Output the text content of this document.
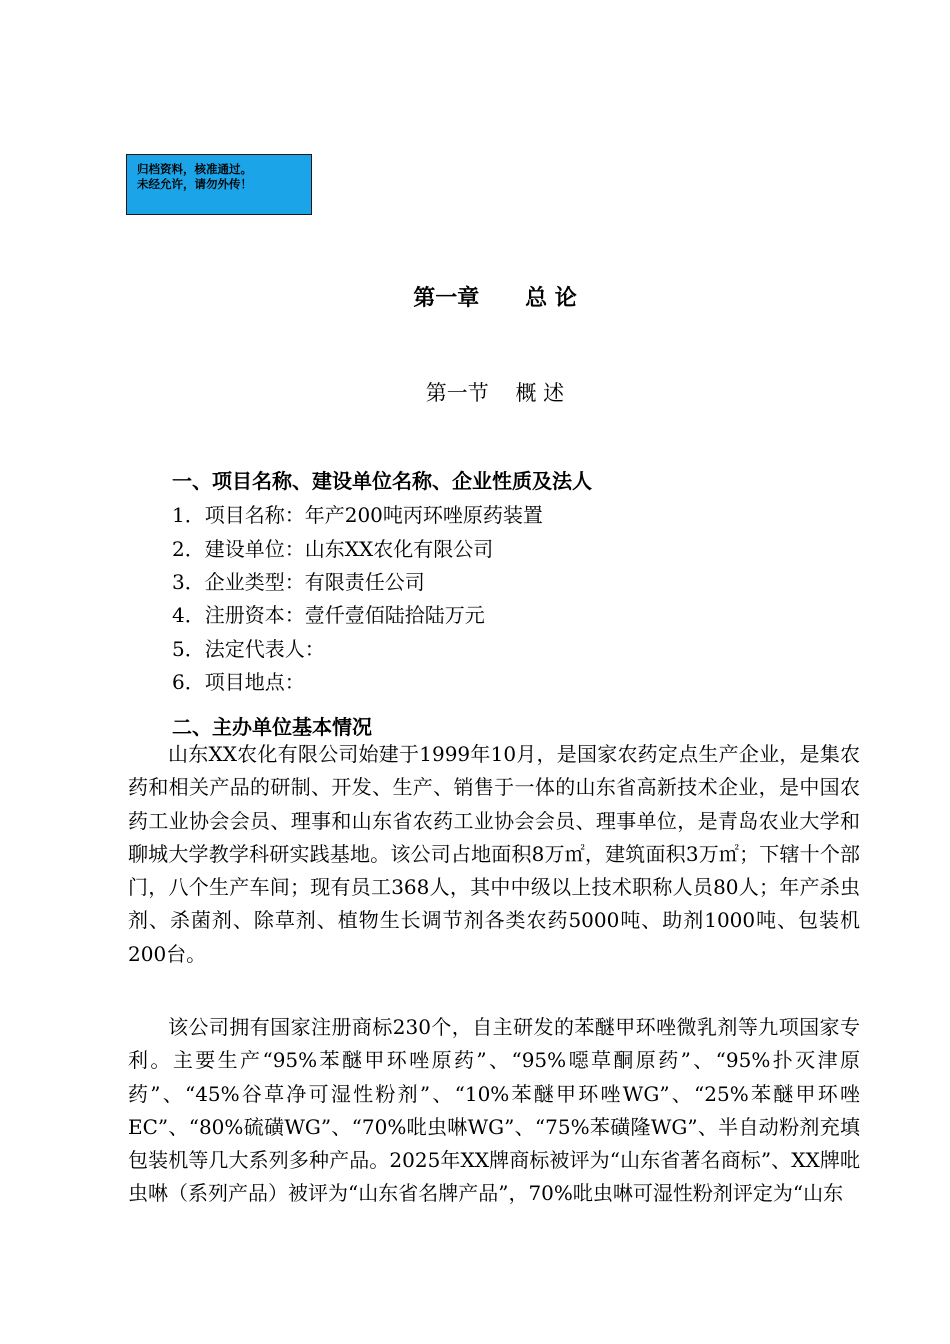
归档资料，核准通过。
未经允许，请勿外传！
第一章      总 论
第一节    概 述
一、项目名称、建设单位名称、企业性质及法人
1．项目名称：年产200吨丙环唑原药装置
2．建设单位：山东XX农化有限公司
3．企业类型：有限责任公司
4．注册资本：壹仟壹佰陆拾陆万元
5．法定代表人：
6．项目地点：
二、主办单位基本情况

山东XX农化有限公司始建于1999年10月，是国家农药定点生产企业，是集农药和相关产品的研制、开发、生产、销售于一体的山东省高新技术企业，是中国农药工业协会会员、理事和山东省农药工业协会会员、理事单位，是青岛农业大学和聊城大学教学科研实践基地。该公司占地面积8万㎡，建筑面积3万㎡；下辖十个部门，八个生产车间；现有员工368人，其中中级以上技术职称人员80人；年产杀虫剂、杀菌剂、除草剂、植物生长调节剂各类农药5000吨、助剂1000吨、包装机200台。

该公司拥有国家注册商标230个，自主研发的苯醚甲环唑微乳剂等九项国家专利。主要生产“95%苯醚甲环唑原药”、“95%噁草酮原药”、“95%扑灭津原药”、“45%谷草净可湿性粉剂”、“10%苯醚甲环唑WG”、“25%苯醚甲环唑EC”、“80%硫磺WG”、“70%吡虫啉WG”、“75%苯磺隆WG”、半自动粉剂充填包装机等几大系列多种产品。2025年XX牌商标被评为“山东省著名商标”、XX牌吡虫啉（系列产品）被评为“山东省名牌产品”，70%吡虫啉可湿性粉剂评定为“山东
